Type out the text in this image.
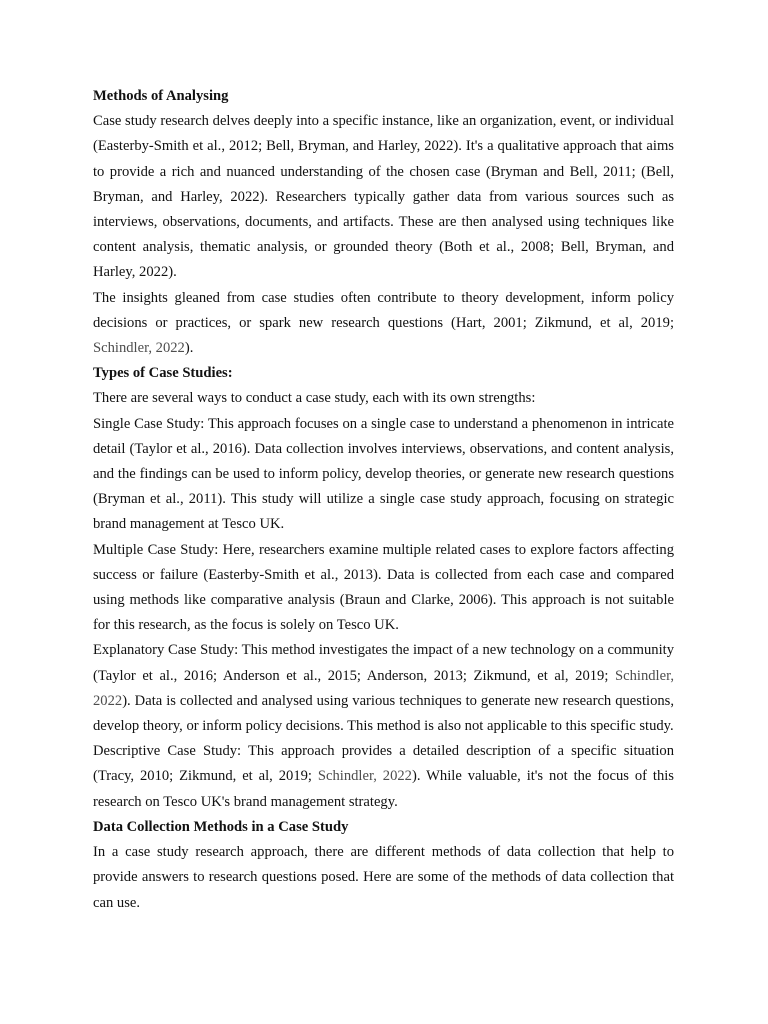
Methods of Analysing

Case study research delves deeply into a specific instance, like an organization, event, or individual (Easterby-Smith et al., 2012; Bell, Bryman, and Harley, 2022). It's a qualitative approach that aims to provide a rich and nuanced understanding of the chosen case (Bryman and Bell, 2011; (Bell, Bryman, and Harley, 2022). Researchers typically gather data from various sources such as interviews, observations, documents, and artifacts. These are then analysed using techniques like content analysis, thematic analysis, or grounded theory (Both et al., 2008; Bell, Bryman, and Harley, 2022).

The insights gleaned from case studies often contribute to theory development, inform policy decisions or practices, or spark new research questions (Hart, 2001; Zikmund, et al, 2019; Schindler, 2022).

Types of Case Studies:

There are several ways to conduct a case study, each with its own strengths:

Single Case Study: This approach focuses on a single case to understand a phenomenon in intricate detail (Taylor et al., 2016). Data collection involves interviews, observations, and content analysis, and the findings can be used to inform policy, develop theories, or generate new research questions (Bryman et al., 2011). This study will utilize a single case study approach, focusing on strategic brand management at Tesco UK.

Multiple Case Study: Here, researchers examine multiple related cases to explore factors affecting success or failure (Easterby-Smith et al., 2013). Data is collected from each case and compared using methods like comparative analysis (Braun and Clarke, 2006). This approach is not suitable for this research, as the focus is solely on Tesco UK.

Explanatory Case Study: This method investigates the impact of a new technology on a community (Taylor et al., 2016; Anderson et al., 2015; Anderson, 2013; Zikmund, et al, 2019; Schindler, 2022). Data is collected and analysed using various techniques to generate new research questions, develop theory, or inform policy decisions. This method is also not applicable to this specific study.

Descriptive Case Study: This approach provides a detailed description of a specific situation (Tracy, 2010; Zikmund, et al, 2019; Schindler, 2022). While valuable, it's not the focus of this research on Tesco UK's brand management strategy.

Data Collection Methods in a Case Study

In a case study research approach, there are different methods of data collection that help to provide answers to research questions posed. Here are some of the methods of data collection that can use.
